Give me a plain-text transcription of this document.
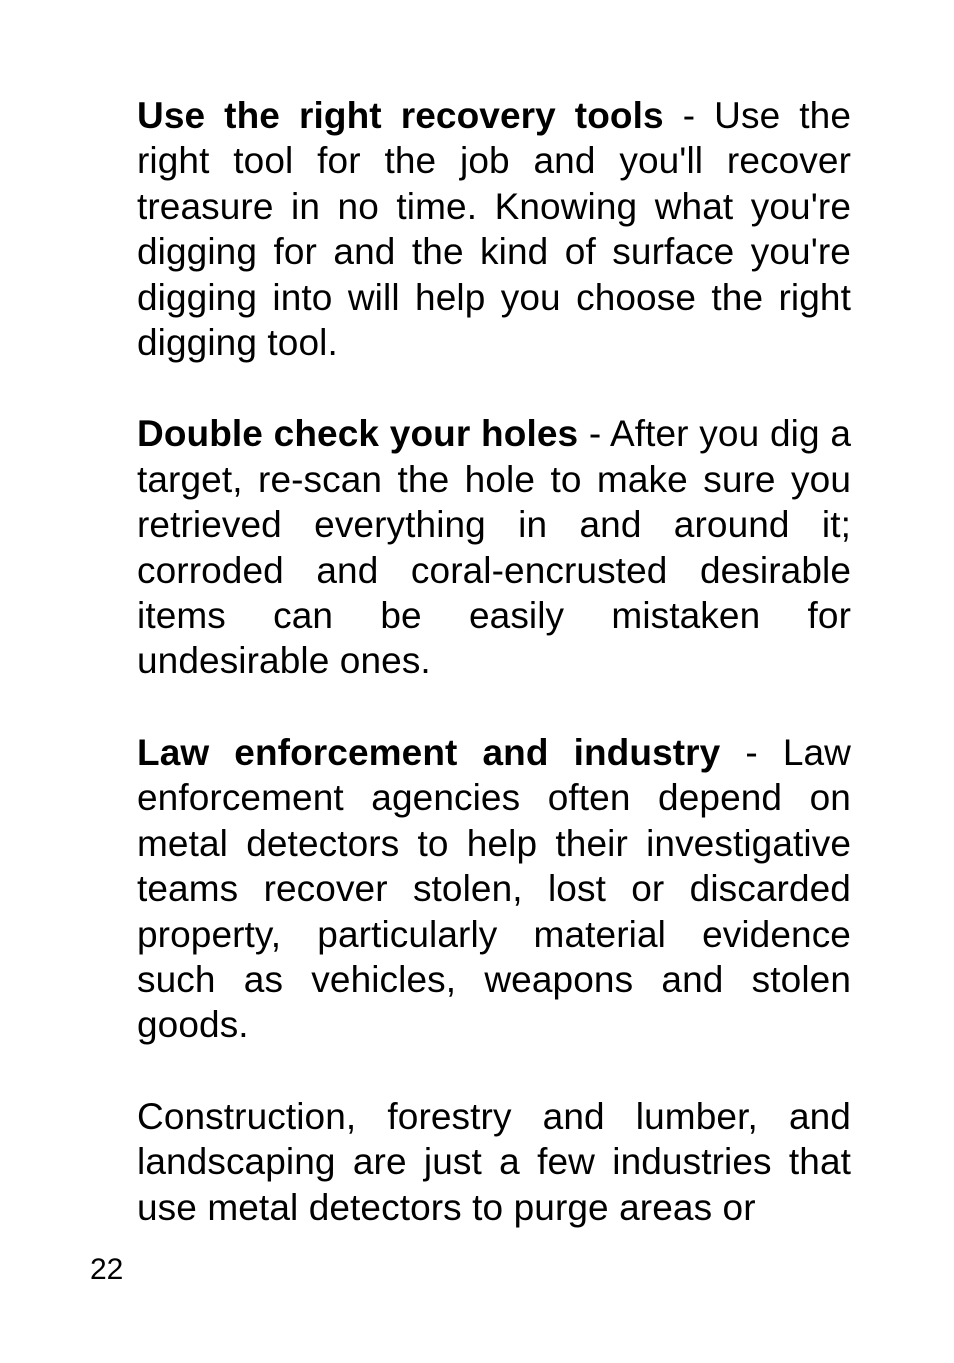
Use the right recovery tools - Use the right tool for the job and you'll recover treasure in no time. Knowing what you're digging for and the kind of surface you're digging into will help you choose the right digging tool.

Double check your holes - After you dig a target, re-scan the hole to make sure you retrieved everything in and around it; corroded and coral-encrusted desirable items can be easily mistaken for undesirable ones.

Law enforcement and industry - Law enforcement agencies often depend on metal detectors to help their investigative teams recover stolen, lost or discarded property, particularly material evidence such as vehicles, weapons and stolen goods.

Construction, forestry and lumber, and landscaping are just a few industries that use metal detectors to purge areas or

22
